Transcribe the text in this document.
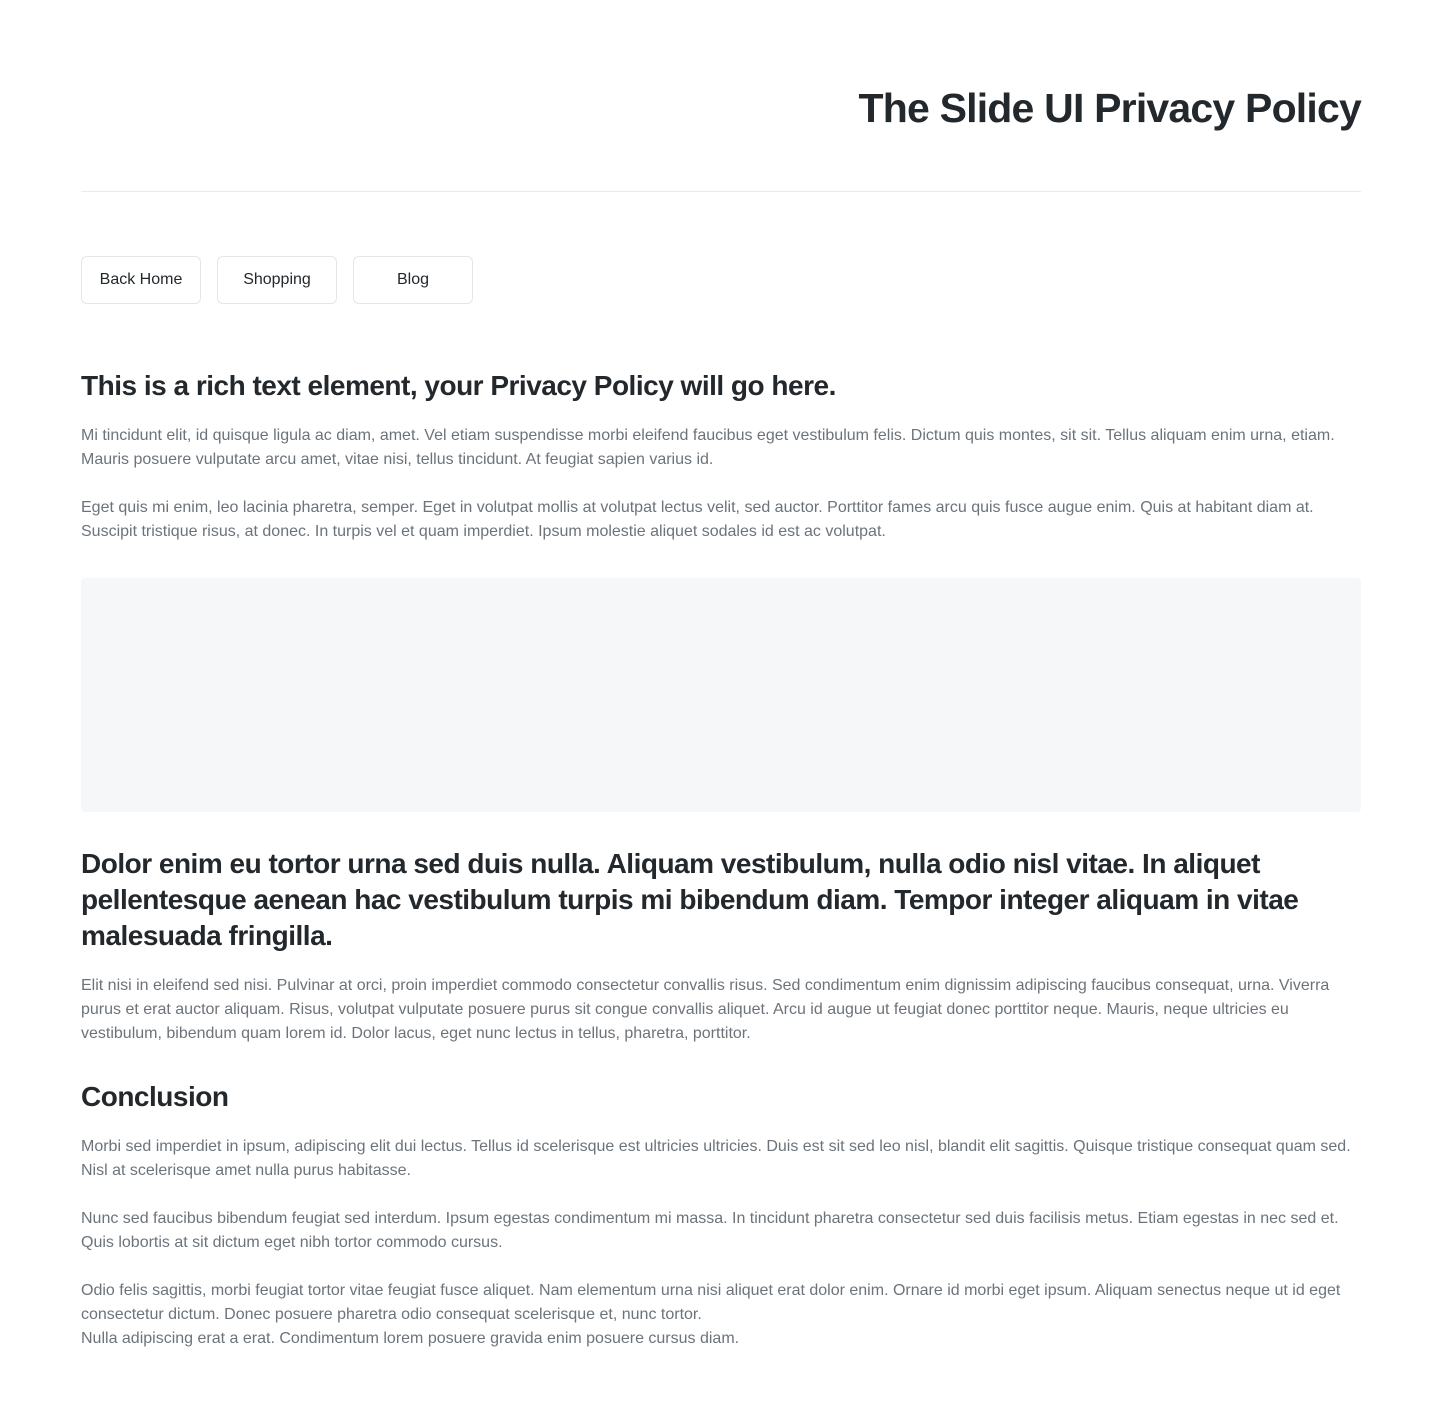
The Slide UI Privacy Policy
Back Home	Shopping	Blog
This is a rich text element, your Privacy Policy will go here.

Mi tincidunt elit, id quisque ligula ac diam, amet. Vel etiam suspendisse morbi eleifend faucibus eget vestibulum felis. Dictum quis montes, sit sit. Tellus aliquam enim urna, etiam. Mauris posuere vulputate arcu amet, vitae nisi, tellus tincidunt. At feugiat sapien varius id.

Eget quis mi enim, leo lacinia pharetra, semper. Eget in volutpat mollis at volutpat lectus velit, sed auctor. Porttitor fames arcu quis fusce augue enim. Quis at habitant diam at. Suscipit tristique risus, at donec. In turpis vel et quam imperdiet. Ipsum molestie aliquet sodales id est ac volutpat.

Dolor enim eu tortor urna sed duis nulla. Aliquam vestibulum, nulla odio nisl vitae. In aliquet pellentesque aenean hac vestibulum turpis mi bibendum diam. Tempor integer aliquam in vitae malesuada fringilla.

Elit nisi in eleifend sed nisi. Pulvinar at orci, proin imperdiet commodo consectetur convallis risus. Sed condimentum enim dignissim adipiscing faucibus consequat, urna. Viverra purus et erat auctor aliquam. Risus, volutpat vulputate posuere purus sit congue convallis aliquet. Arcu id augue ut feugiat donec porttitor neque. Mauris, neque ultricies eu vestibulum, bibendum quam lorem id. Dolor lacus, eget nunc lectus in tellus, pharetra, porttitor.

Conclusion

Morbi sed imperdiet in ipsum, adipiscing elit dui lectus. Tellus id scelerisque est ultricies ultricies. Duis est sit sed leo nisl, blandit elit sagittis. Quisque tristique consequat quam sed. Nisl at scelerisque amet nulla purus habitasse.

Nunc sed faucibus bibendum feugiat sed interdum. Ipsum egestas condimentum mi massa. In tincidunt pharetra consectetur sed duis facilisis metus. Etiam egestas in nec sed et. Quis lobortis at sit dictum eget nibh tortor commodo cursus.

Odio felis sagittis, morbi feugiat tortor vitae feugiat fusce aliquet. Nam elementum urna nisi aliquet erat dolor enim. Ornare id morbi eget ipsum. Aliquam senectus neque ut id eget consectetur dictum. Donec posuere pharetra odio consequat scelerisque et, nunc tortor.

Nulla adipiscing erat a erat. Condimentum lorem posuere gravida enim posuere cursus diam.
